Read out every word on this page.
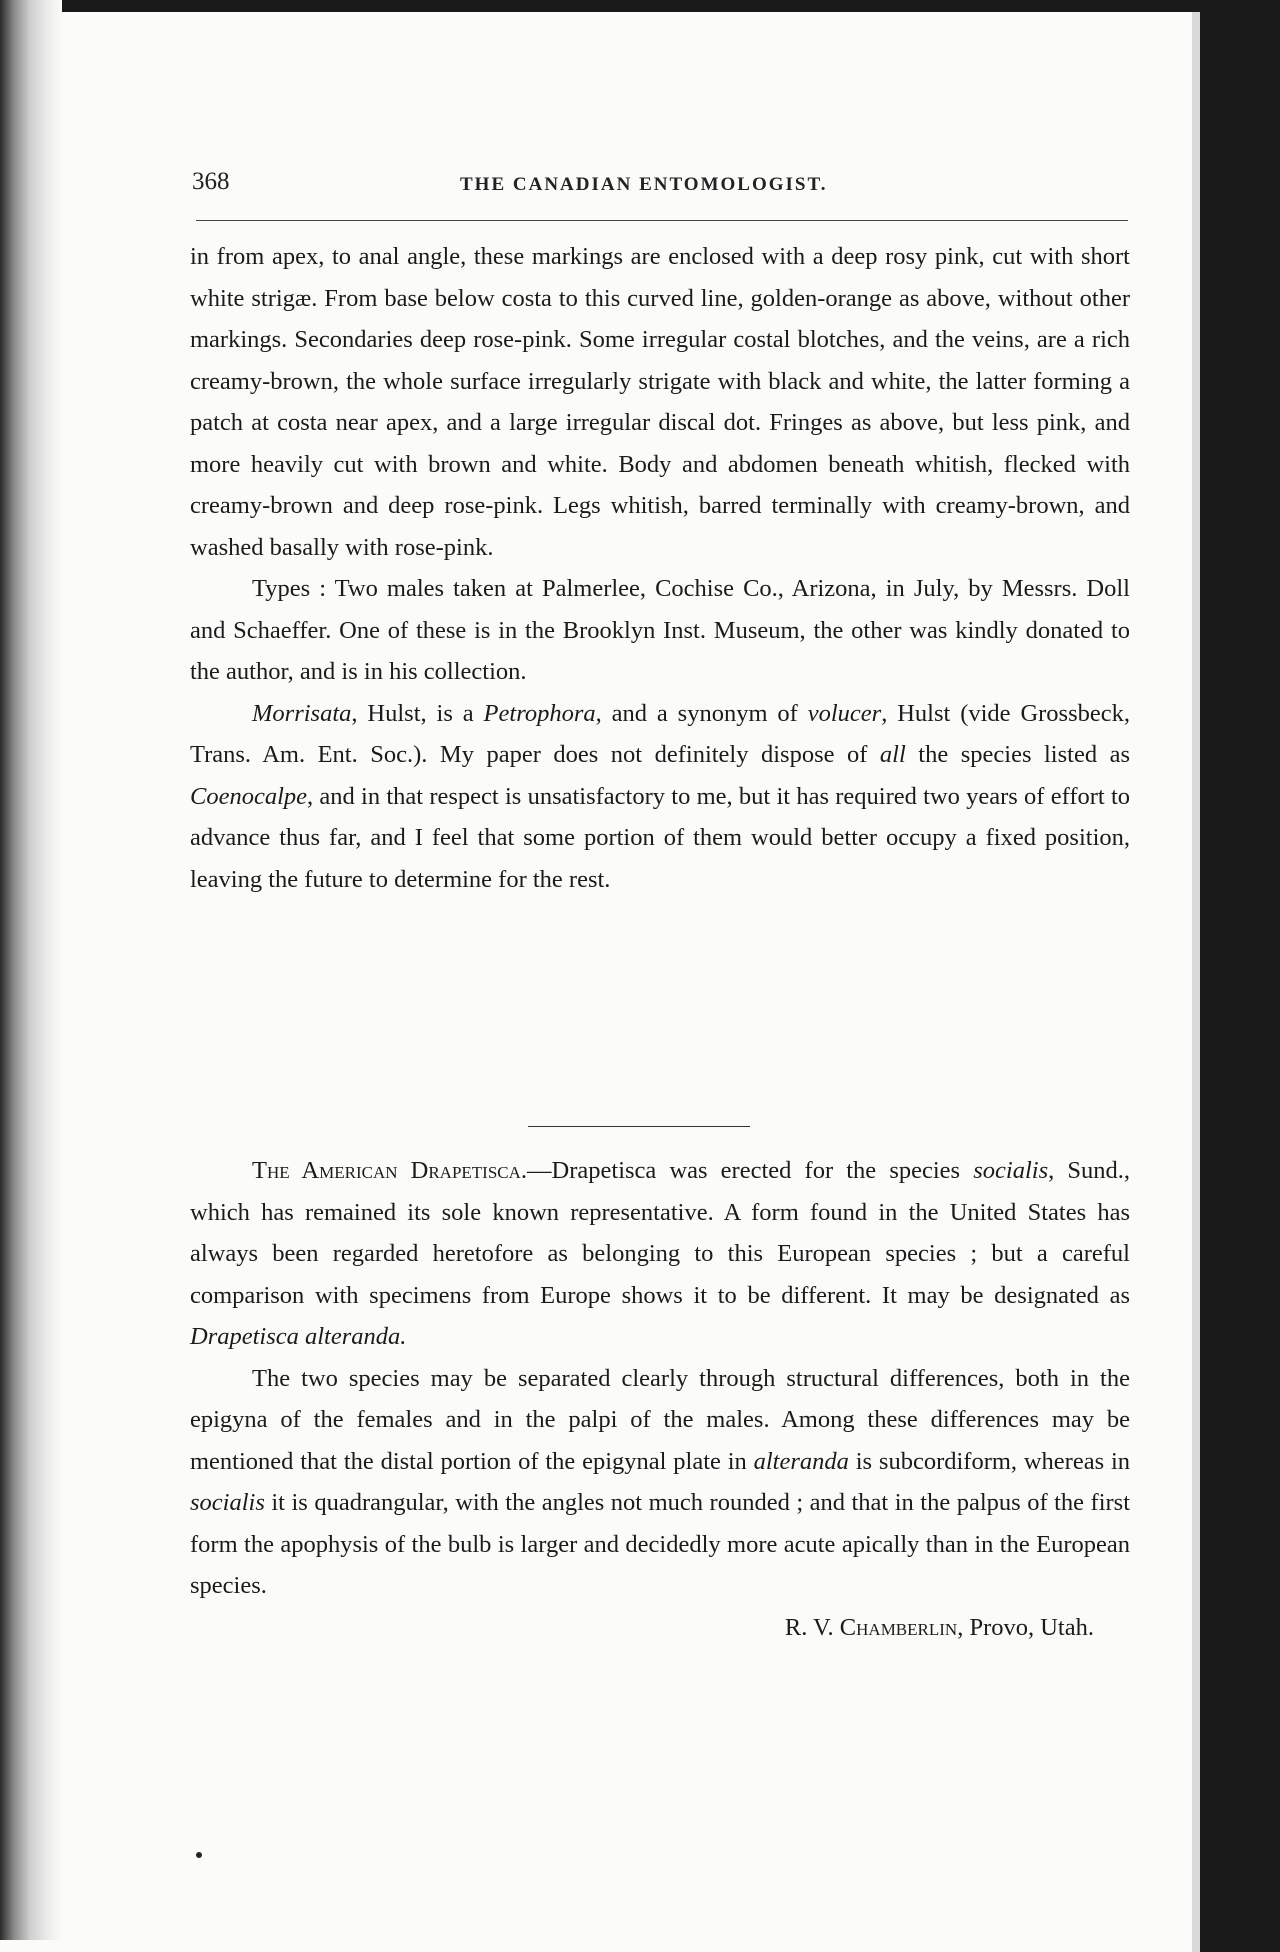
368	THE CANADIAN ENTOMOLOGIST.

in from apex, to anal angle, these markings are enclosed with a deep rosy pink, cut with short white strigæ. From base below costa to this curved line, golden-orange as above, without other markings. Secondaries deep rose-pink. Some irregular costal blotches, and the veins, are a rich creamy-brown, the whole surface irregularly strigate with black and white, the latter forming a patch at costa near apex, and a large irregular discal dot. Fringes as above, but less pink, and more heavily cut with brown and white. Body and abdomen beneath whitish, flecked with creamy-brown and deep rose-pink. Legs whitish, barred terminally with creamy-brown, and washed basally with rose-pink.

Types : Two males taken at Palmerlee, Cochise Co., Arizona, in July, by Messrs. Doll and Schaeffer. One of these is in the Brooklyn Inst. Museum, the other was kindly donated to the author, and is in his collection.

Morrisata, Hulst, is a Petrophora, and a synonym of volucer, Hulst (vide Grossbeck, Trans. Am. Ent. Soc.). My paper does not definitely dispose of all the species listed as Coenocalpe, and in that respect is unsatisfactory to me, but it has required two years of effort to advance thus far, and I feel that some portion of them would better occupy a fixed position, leaving the future to determine for the rest.

The American Drapetisca.—Drapetisca was erected for the species socialis, Sund., which has remained its sole known representative. A form found in the United States has always been regarded heretofore as belonging to this European species ; but a careful comparison with specimens from Europe shows it to be different. It may be designated as Drapetisca alteranda.

The two species may be separated clearly through structural differences, both in the epigyna of the females and in the palpi of the males. Among these differences may be mentioned that the distal portion of the epigynal plate in alteranda is subcordiform, whereas in socialis it is quadrangular, with the angles not much rounded ; and that in the palpus of the first form the apophysis of the bulb is larger and decidedly more acute apically than in the European species.

R. V. Chamberlin, Provo, Utah.
